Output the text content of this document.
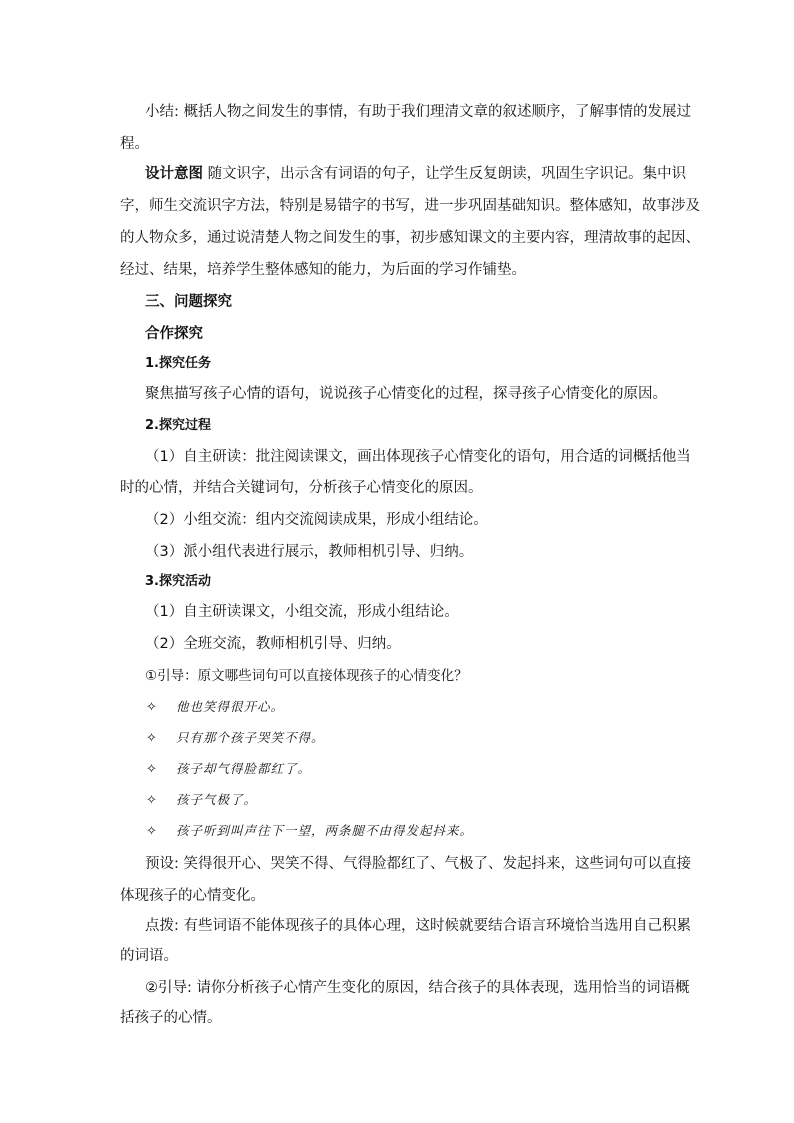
小结: 概括人物之间发生的事情，有助于我们理清文章的叙述顺序，了解事情的发展过
程。
设计意图 随文识字，出示含有词语的句子，让学生反复朗读，巩固生字识记。集中识
字，师生交流识字方法，特别是易错字的书写，进一步巩固基础知识。整体感知，故事涉及
的人物众多，通过说清楚人物之间发生的事，初步感知课文的主要内容，理清故事的起因、
经过、结果，培养学生整体感知的能力，为后面的学习作铺垫。
三、问题探究
合作探究
1.探究任务
聚焦描写孩子心情的语句，说说孩子心情变化的过程，探寻孩子心情变化的原因。
2.探究过程
（1）自主研读：批注阅读课文，画出体现孩子心情变化的语句，用合适的词概括他当
时的心情，并结合关键词句，分析孩子心情变化的原因。
（2）小组交流：组内交流阅读成果，形成小组结论。
（3）派小组代表进行展示，教师相机引导、归纳。
3.探究活动
（1）自主研读课文，小组交流，形成小组结论。
（2）全班交流，教师相机引导、归纳。
①引导：原文哪些词句可以直接体现孩子的心情变化？
✧ 他也笑得很开心。
✧ 只有那个孩子哭笑不得。
✧ 孩子却气得脸都红了。
✧ 孩子气极了。
✧ 孩子听到叫声往下一望，两条腿不由得发起抖来。
预设: 笑得很开心、哭笑不得、气得脸都红了、气极了、发起抖来，这些词句可以直接
体现孩子的心情变化。
点拨: 有些词语不能体现孩子的具体心理，这时候就要结合语言环境恰当选用自己积累
的词语。
②引导: 请你分析孩子心情产生变化的原因，结合孩子的具体表现，选用恰当的词语概
括孩子的心情。
